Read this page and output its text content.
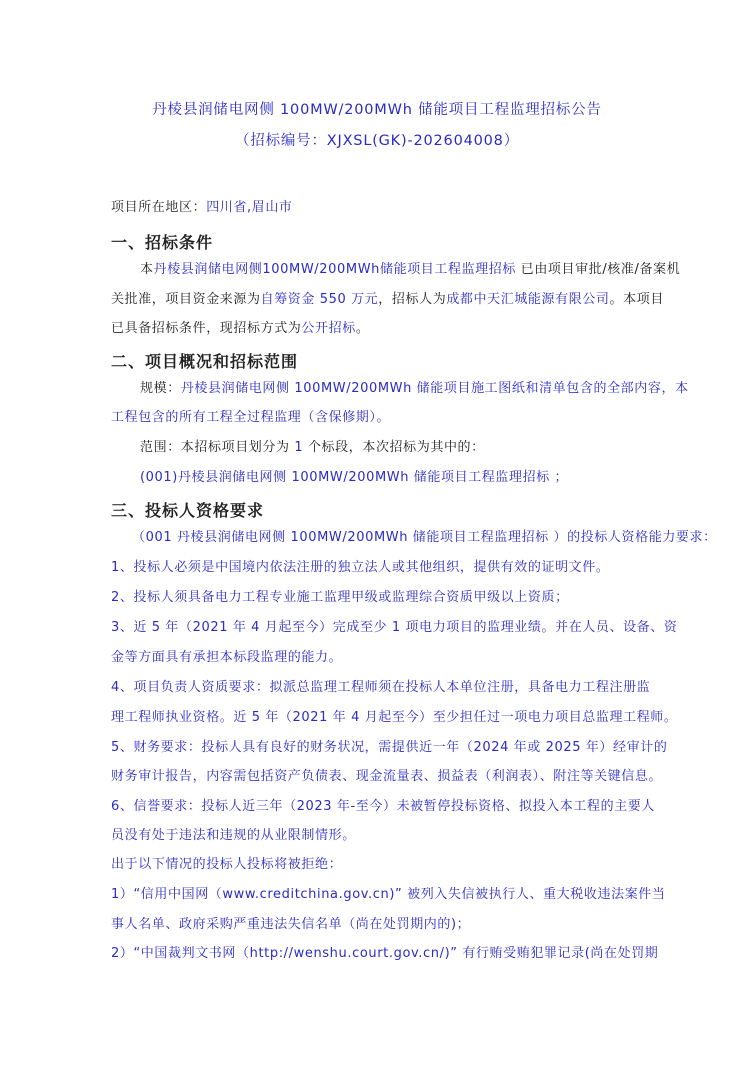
丹棱县润储电网侧 100MW/200MWh 储能项目工程监理招标公告
（招标编号：XJXSL(GK)-202604008）
项目所在地区：四川省,眉山市
一、招标条件
本丹棱县润储电网侧100MW/200MWh储能项目工程监理招标 已由项目审批/核准/备案机
关批准，项目资金来源为自筹资金 550 万元，招标人为成都中天汇城能源有限公司。本项目
已具备招标条件，现招标方式为公开招标。
二、项目概况和招标范围
规模：丹棱县润储电网侧 100MW/200MWh 储能项目施工图纸和清单包含的全部内容，本
工程包含的所有工程全过程监理（含保修期）。
范围：本招标项目划分为 1 个标段，本次招标为其中的：
(001)丹棱县润储电网侧 100MW/200MWh 储能项目工程监理招标 ；
三、投标人资格要求
（001 丹棱县润储电网侧 100MW/200MWh 储能项目工程监理招标 ）的投标人资格能力要求：
1、投标人必须是中国境内依法注册的独立法人或其他组织，提供有效的证明文件。
2、投标人须具备电力工程专业施工监理甲级或监理综合资质甲级以上资质；
3、近 5 年（2021 年 4 月起至今）完成至少 1 项电力项目的监理业绩。并在人员、设备、资
金等方面具有承担本标段监理的能力。
4、项目负责人资质要求：拟派总监理工程师须在投标人本单位注册，具备电力工程注册监
理工程师执业资格。近 5 年（2021 年 4 月起至今）至少担任过一项电力项目总监理工程师。
5、财务要求：投标人具有良好的财务状况，需提供近一年（2024 年或 2025 年）经审计的
财务审计报告，内容需包括资产负债表、现金流量表、损益表（利润表）、附注等关键信息。
6、信誉要求：投标人近三年（2023 年-至今）未被暂停投标资格、拟投入本工程的主要人
员没有处于违法和违规的从业限制情形。
出于以下情况的投标人投标将被拒绝：
1）“信用中国网（www.creditchina.gov.cn)” 被列入失信被执行人、重大税收违法案件当
事人名单、政府采购严重违法失信名单（尚在处罚期内的)；
2）“中国裁判文书网（http://wenshu.court.gov.cn/)” 有行贿受贿犯罪记录(尚在处罚期
